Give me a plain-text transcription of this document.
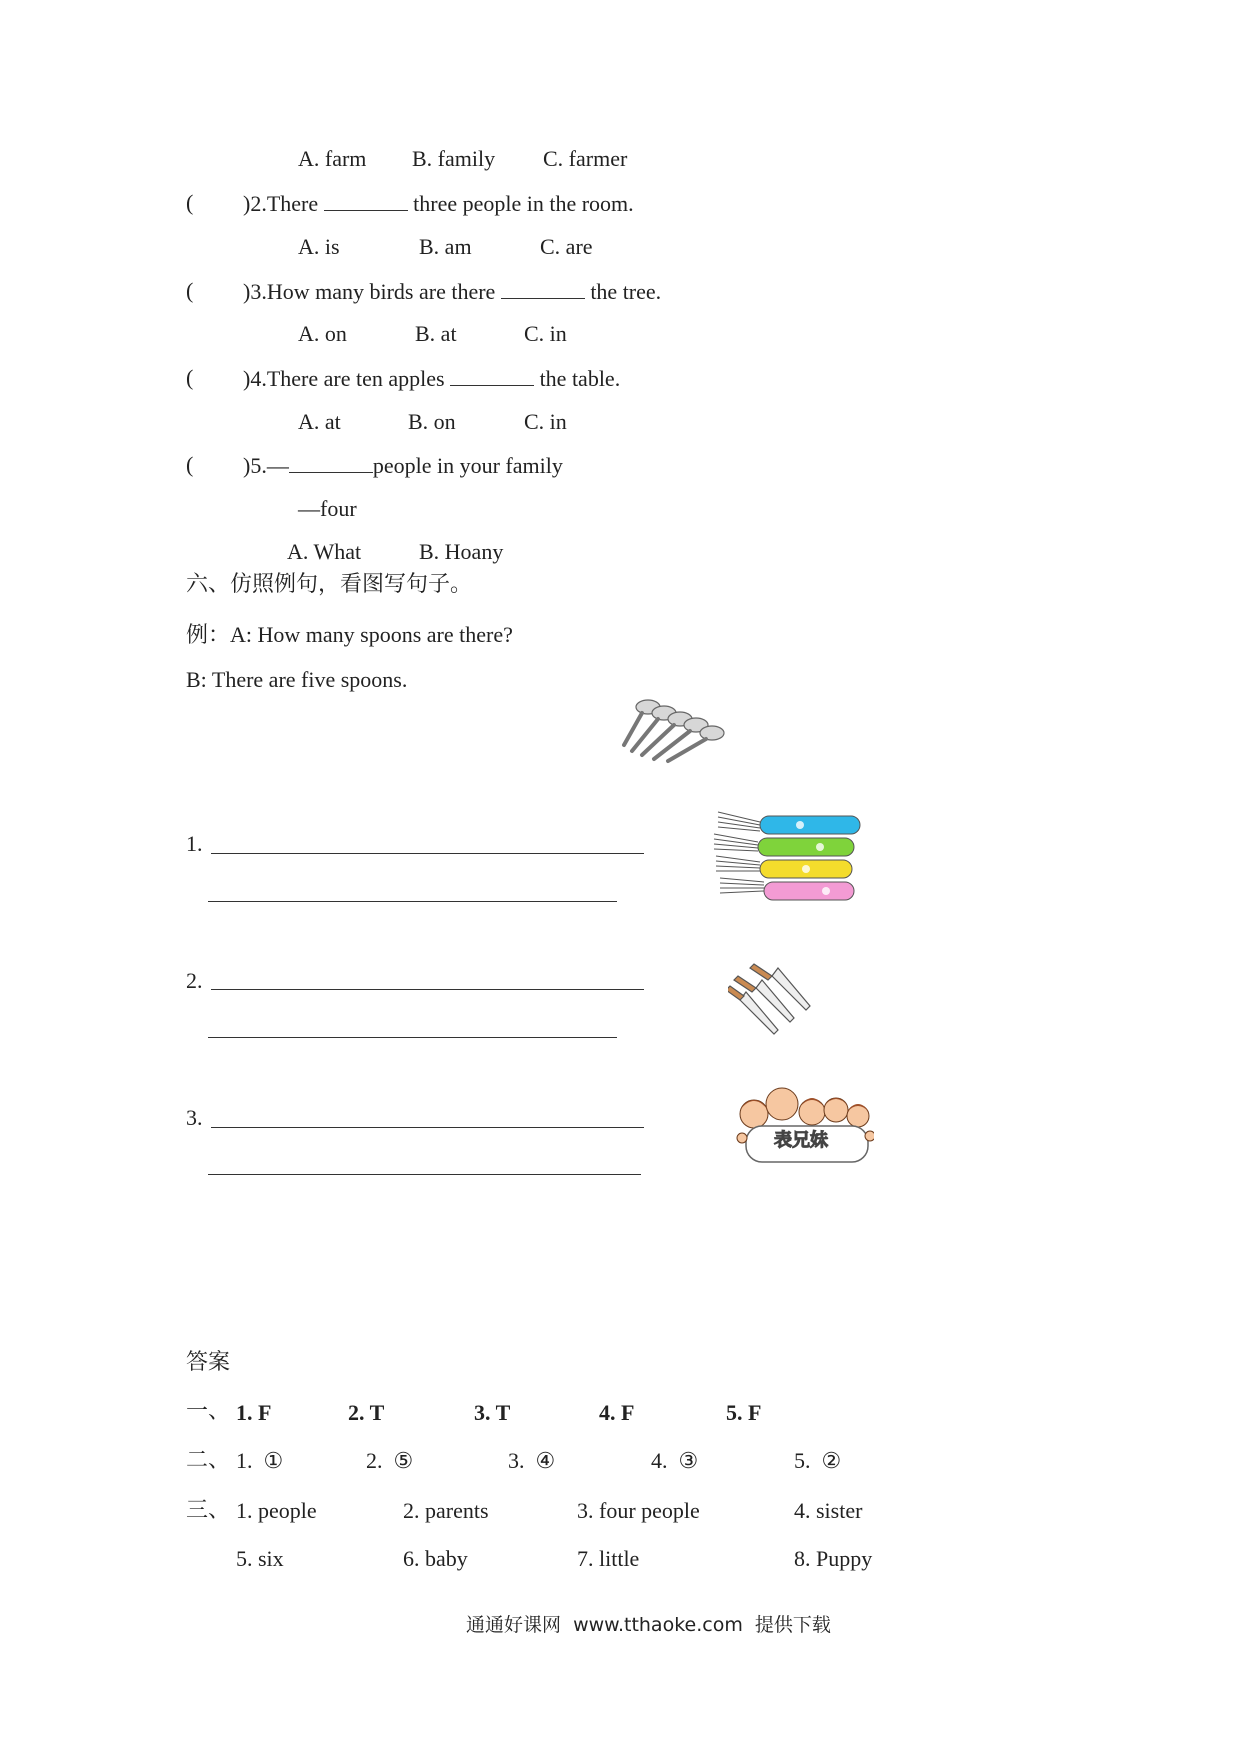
A. farm B. family C. farmer
( )2.There	three people in the room.
A. is	B. am	C. are
( )3.How many birds are there	the tree.
A. on	B. at	C. in
( )4.There are ten apples	the table.
A. at	B. on	C. in
( )5.—	people in your family
—four
A. What	B. Hoany
六、仿照例句，看图写句子。
例：A: How many spoons are there?
B: There are five spoons.
1.
2.
3.
表兄妹
答案
一、 1. F	2. T	3. T	4. F	5. F
二、 1.  ①	2.  ⑤	3.  ④	4.  ③	5.  ②
三、 1. people	2. parents	3. four people	4. sister
5. six	6. baby	7. little	8. Puppy
通通好课网  www.tthaoke.com  提供下载
